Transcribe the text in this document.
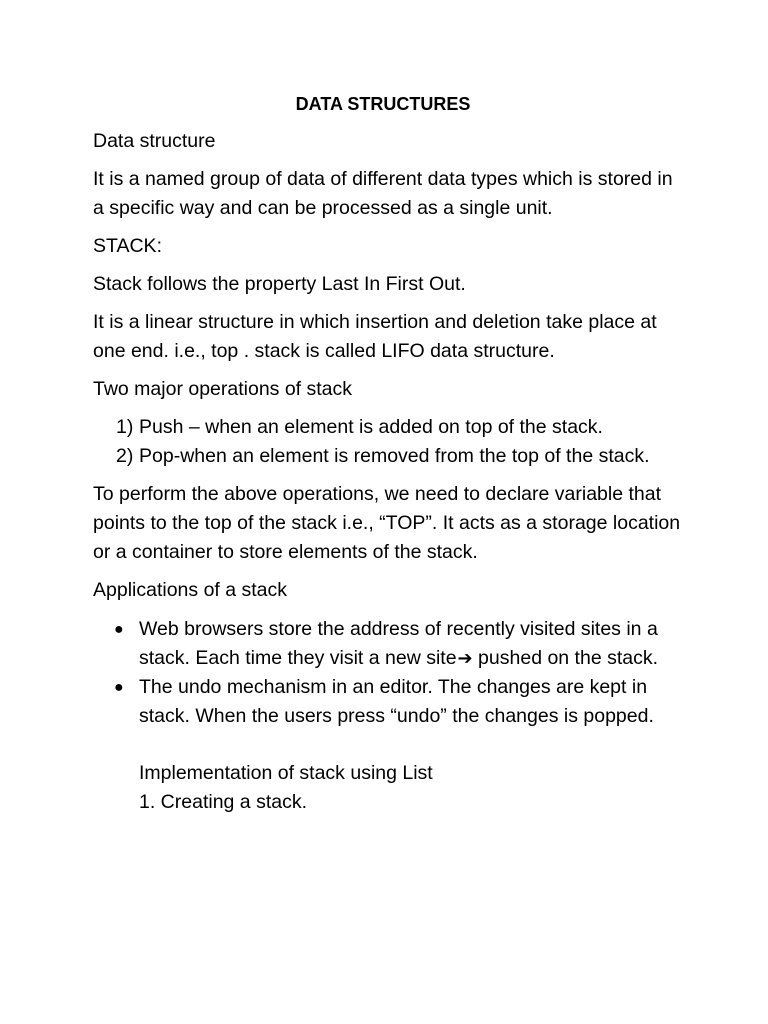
DATA STRUCTURES

Data structure

It is a named group of data of different data types which is stored in a specific way and can be processed as a single unit.

STACK:

Stack follows the property Last In First Out.

It is a linear structure in which insertion and deletion take place at one end. i.e., top . stack is called LIFO data structure.

Two major operations of stack

1) Push – when an element is added on top of the stack.
2) Pop-when an element is removed from the top of the stack.

To perform the above operations, we need to declare variable that points to the top of the stack i.e., “TOP”. It acts as a storage location or a container to store elements of the stack.

Applications of a stack

● Web browsers store the address of recently visited sites in a stack. Each time they visit a new site➔ pushed on the stack.
● The undo mechanism in an editor. The changes are kept in stack. When the users press “undo” the changes is popped.
Implementation of stack using List
1. Creating a stack.
